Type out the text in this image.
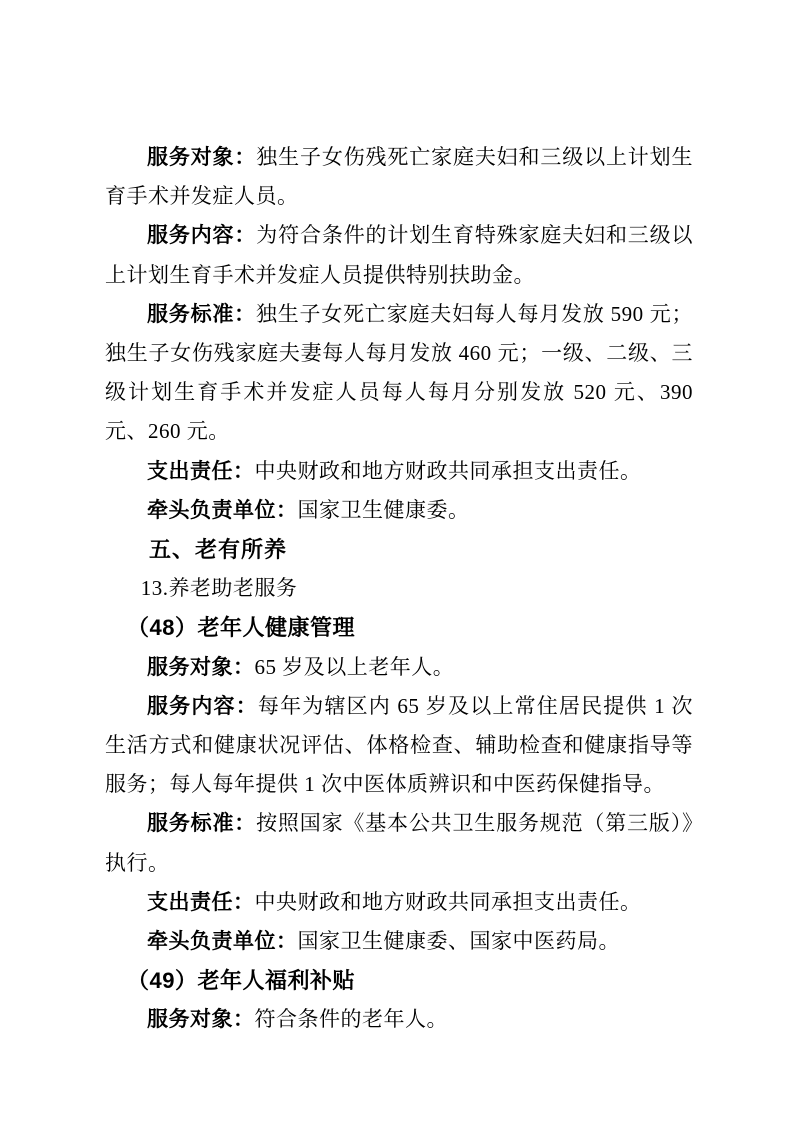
服务对象：独生子女伤残死亡家庭夫妇和三级以上计划生育手术并发症人员。

服务内容：为符合条件的计划生育特殊家庭夫妇和三级以上计划生育手术并发症人员提供特别扶助金。

服务标准：独生子女死亡家庭夫妇每人每月发放 590 元；独生子女伤残家庭夫妻每人每月发放 460 元；一级、二级、三级计划生育手术并发症人员每人每月分别发放 520 元、390 元、260 元。

支出责任：中央财政和地方财政共同承担支出责任。

牵头负责单位：国家卫生健康委。

五、老有所养

13.养老助老服务

（48）老年人健康管理

服务对象：65 岁及以上老年人。

服务内容：每年为辖区内 65 岁及以上常住居民提供 1 次生活方式和健康状况评估、体格检查、辅助检查和健康指导等服务；每人每年提供 1 次中医体质辨识和中医药保健指导。

服务标准：按照国家《基本公共卫生服务规范（第三版）》执行。

支出责任：中央财政和地方财政共同承担支出责任。

牵头负责单位：国家卫生健康委、国家中医药局。

（49）老年人福利补贴

服务对象：符合条件的老年人。
